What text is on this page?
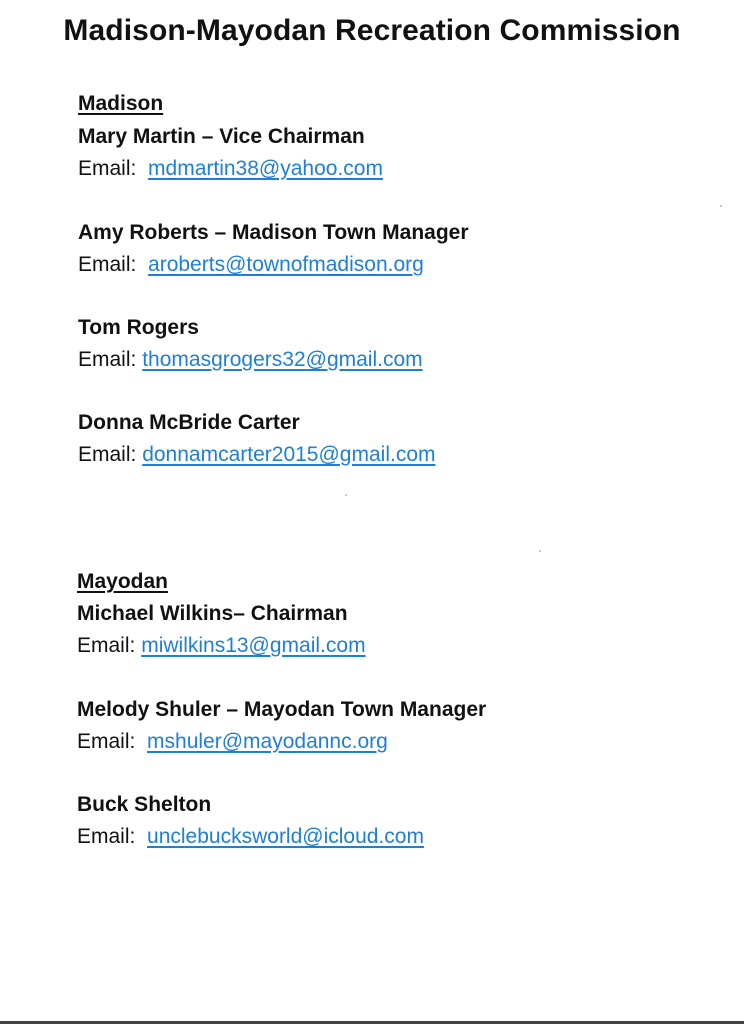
Madison-Mayodan Recreation Commission

Madison

Mary Martin – Vice Chairman
Email: mdmartin38@yahoo.com
Amy Roberts – Madison Town Manager
Email: aroberts@townofmadison.org
Tom Rogers
Email: thomasgrogers32@gmail.com
Donna McBride Carter
Email: donnamcarter2015@gmail.com

Mayodan

Michael Wilkins– Chairman
Email: miwilkins13@gmail.com
Melody Shuler – Mayodan Town Manager
Email: mshuler@mayodannc.org
Buck Shelton
Email: unclebucksworld@icloud.com
